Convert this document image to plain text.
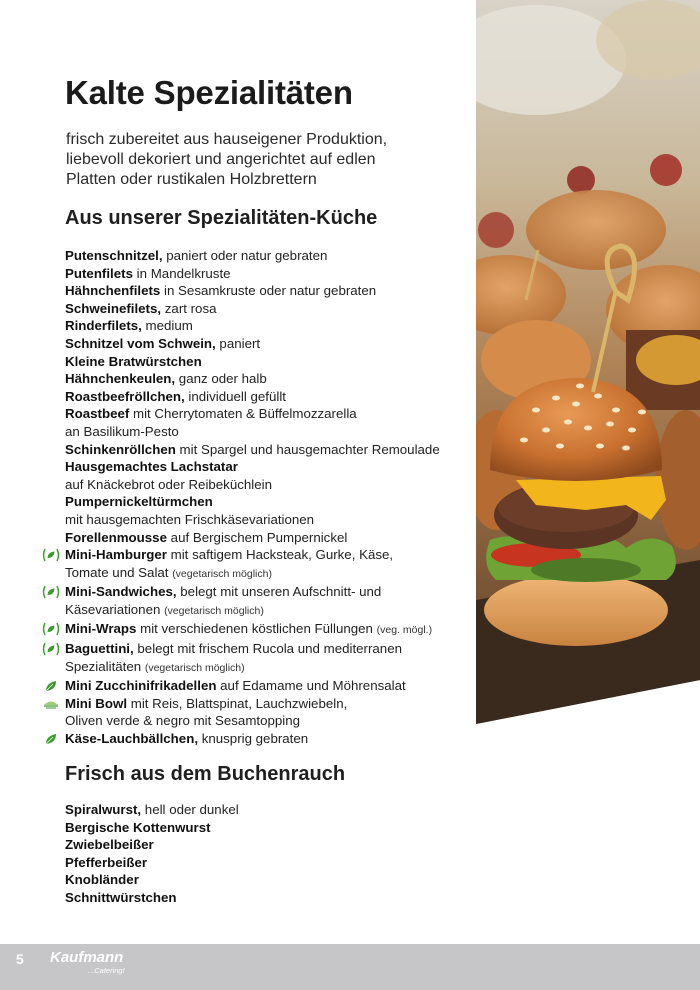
Kalte Spezialitäten
frisch zubereitet aus hauseigener Produktion,
liebevoll dekoriert und angerichtet auf edlen
Platten oder rustikalen Holzbrettern
Aus unserer Spezialitäten-Küche
Putenschnitzel, paniert oder natur gebraten
Putenfilets in Mandelkruste
Hähnchenfilets in Sesamkruste oder natur gebraten
Schweinefilets, zart rosa
Rinderfilets, medium
Schnitzel vom Schwein, paniert
Kleine Bratwürstchen
Hähnchenkeulen, ganz oder halb
Roastbeefröllchen, individuell gefüllt
Roastbeef mit Cherrytomaten & Büffelmozzarella
an Basilikum-Pesto
Schinkenröllchen mit Spargel und hausgemachter Remoulade
Hausgemachtes Lachstatar
auf Knäckebrot oder Reibeküchlein
Pumpernickeltürmchen
mit hausgemachten Frischkäsevariationen
Forellenmousse auf Bergischem Pumpernickel
Mini-Hamburger mit saftigem Hacksteak, Gurke, Käse,
Tomate und Salat (vegetarisch möglich)
Mini-Sandwiches, belegt mit unseren Aufschnitt- und
Käsevariationen (vegetarisch möglich)
Mini-Wraps mit verschiedenen köstlichen Füllungen (veg. mögl.)
Baguettini, belegt mit frischem Rucola und mediterranen
Spezialitäten (vegetarisch möglich)
Mini Zucchinifrikadellen auf Edamame und Möhrensalat
Mini Bowl mit Reis, Blattspinat, Lauchzwiebeln,
Oliven verde & negro mit Sesamtopping
Käse-Lauchbällchen, knusprig gebraten
Frisch aus dem Buchenrauch
Spiralwurst, hell oder dunkel
Bergische Kottenwurst
Zwiebelbeißer
Pfefferbeißer
Knobländer
Schnittwürstchen
5 Kaufmann
...Catering!
